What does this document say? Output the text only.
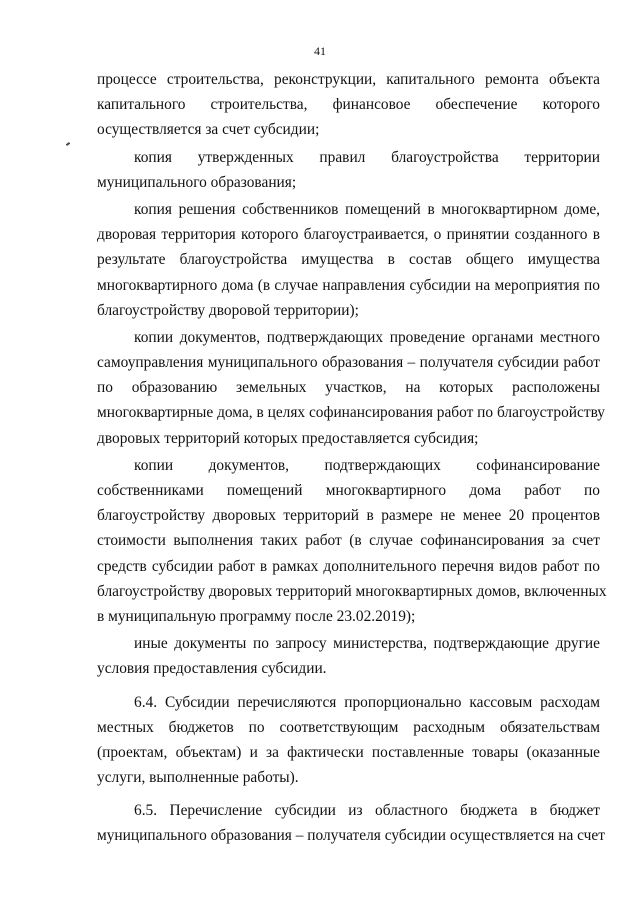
41
процессе строительства, реконструкции, капитального ремонта объекта
капитального строительства, финансовое обеспечение которого
осуществляется за счет субсидии;
копия утвержденных правил благоустройства территории
муниципального образования;
копия решения собственников помещений в многоквартирном доме,
дворовая территория которого благоустраивается, о принятии созданного в
результате благоустройства имущества в состав общего имущества
многоквартирного дома (в случае направления субсидии на мероприятия по
благоустройству дворовой территории);
копии документов, подтверждающих проведение органами местного
самоуправления муниципального образования – получателя субсидии работ
по образованию земельных участков, на которых расположены
многоквартирные дома, в целях софинансирования работ по благоустройству
дворовых территорий которых предоставляется субсидия;
копии документов, подтверждающих софинансирование
собственниками помещений многоквартирного дома работ по
благоустройству дворовых территорий в размере не менее 20 процентов
стоимости выполнения таких работ (в случае софинансирования за счет
средств субсидии работ в рамках дополнительного перечня видов работ по
благоустройству дворовых территорий многоквартирных домов, включенных
в муниципальную программу после 23.02.2019);
иные документы по запросу министерства, подтверждающие другие
условия предоставления субсидии.
6.4. Субсидии перечисляются пропорционально кассовым расходам
местных бюджетов по соответствующим расходным обязательствам
(проектам, объектам) и за фактически поставленные товары (оказанные
услуги, выполненные работы).
6.5. Перечисление субсидии из областного бюджета в бюджет
муниципального образования – получателя субсидии осуществляется на счет
